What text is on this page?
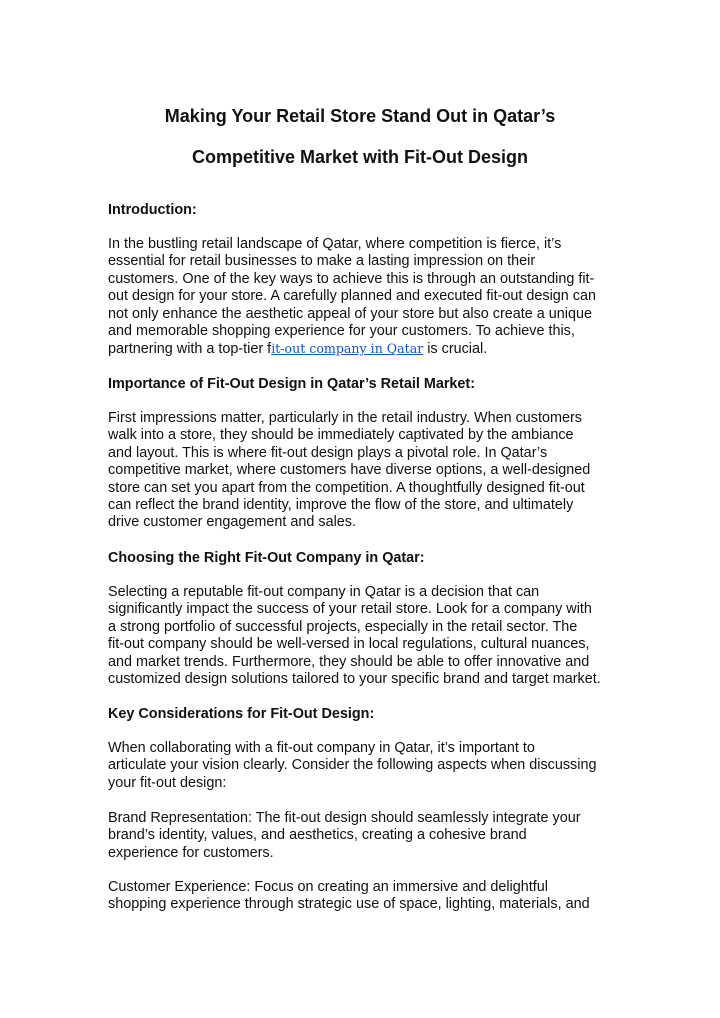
Making Your Retail Store Stand Out in Qatar’s
Competitive Market with Fit-Out Design
Introduction:

In the bustling retail landscape of Qatar, where competition is fierce, it’s
essential for retail businesses to make a lasting impression on their
customers. One of the key ways to achieve this is through an outstanding fit-
out design for your store. A carefully planned and executed fit-out design can
not only enhance the aesthetic appeal of your store but also create a unique
and memorable shopping experience for your customers. To achieve this,
partnering with a top-tier fit-out company in Qatar is crucial.

Importance of Fit-Out Design in Qatar’s Retail Market:

First impressions matter, particularly in the retail industry. When customers
walk into a store, they should be immediately captivated by the ambiance
and layout. This is where fit-out design plays a pivotal role. In Qatar’s
competitive market, where customers have diverse options, a well-designed
store can set you apart from the competition. A thoughtfully designed fit-out
can reflect the brand identity, improve the flow of the store, and ultimately
drive customer engagement and sales.

Choosing the Right Fit-Out Company in Qatar:

Selecting a reputable fit-out company in Qatar is a decision that can
significantly impact the success of your retail store. Look for a company with
a strong portfolio of successful projects, especially in the retail sector. The
fit-out company should be well-versed in local regulations, cultural nuances,
and market trends. Furthermore, they should be able to offer innovative and
customized design solutions tailored to your specific brand and target market.

Key Considerations for Fit-Out Design:

When collaborating with a fit-out company in Qatar, it’s important to
articulate your vision clearly. Consider the following aspects when discussing
your fit-out design:

Brand Representation: The fit-out design should seamlessly integrate your
brand’s identity, values, and aesthetics, creating a cohesive brand
experience for customers.

Customer Experience: Focus on creating an immersive and delightful
shopping experience through strategic use of space, lighting, materials, and
